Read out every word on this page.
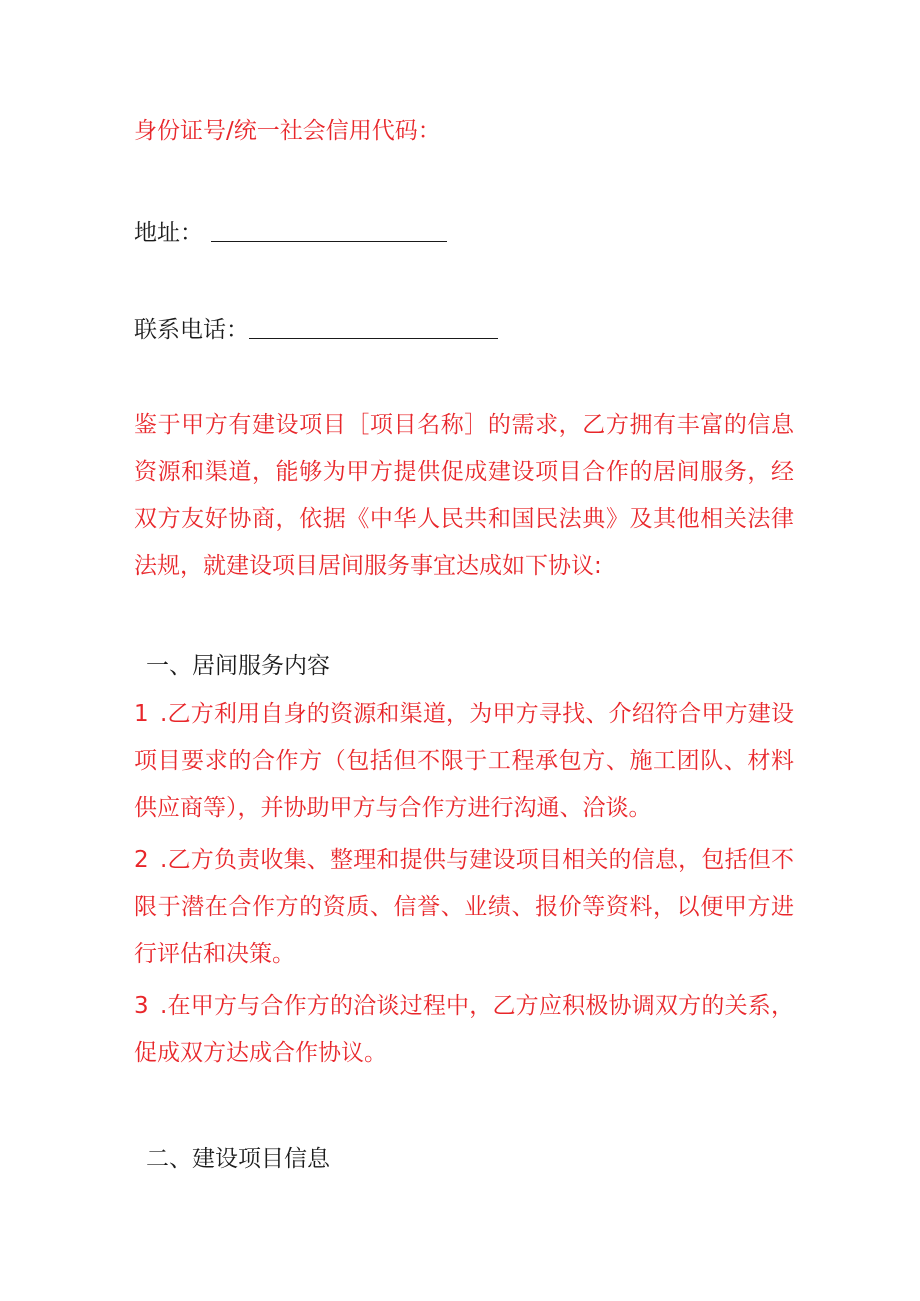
身份证号/统一社会信用代码：

地址：

联系电话：

鉴于甲方有建设项目［项目名称］的需求，乙方拥有丰富的信息资源和渠道，能够为甲方提供促成建设项目合作的居间服务，经双方友好协商，依据《中华人民共和国民法典》及其他相关法律法规，就建设项目居间服务事宜达成如下协议:

一、居间服务内容

1 .乙方利用自身的资源和渠道，为甲方寻找、介绍符合甲方建设项目要求的合作方（包括但不限于工程承包方、施工团队、材料供应商等），并协助甲方与合作方进行沟通、洽谈。

2 .乙方负责收集、整理和提供与建设项目相关的信息，包括但不限于潜在合作方的资质、信誉、业绩、报价等资料，以便甲方进行评估和决策。

3 .在甲方与合作方的洽谈过程中，乙方应积极协调双方的关系，促成双方达成合作协议。

二、建设项目信息
